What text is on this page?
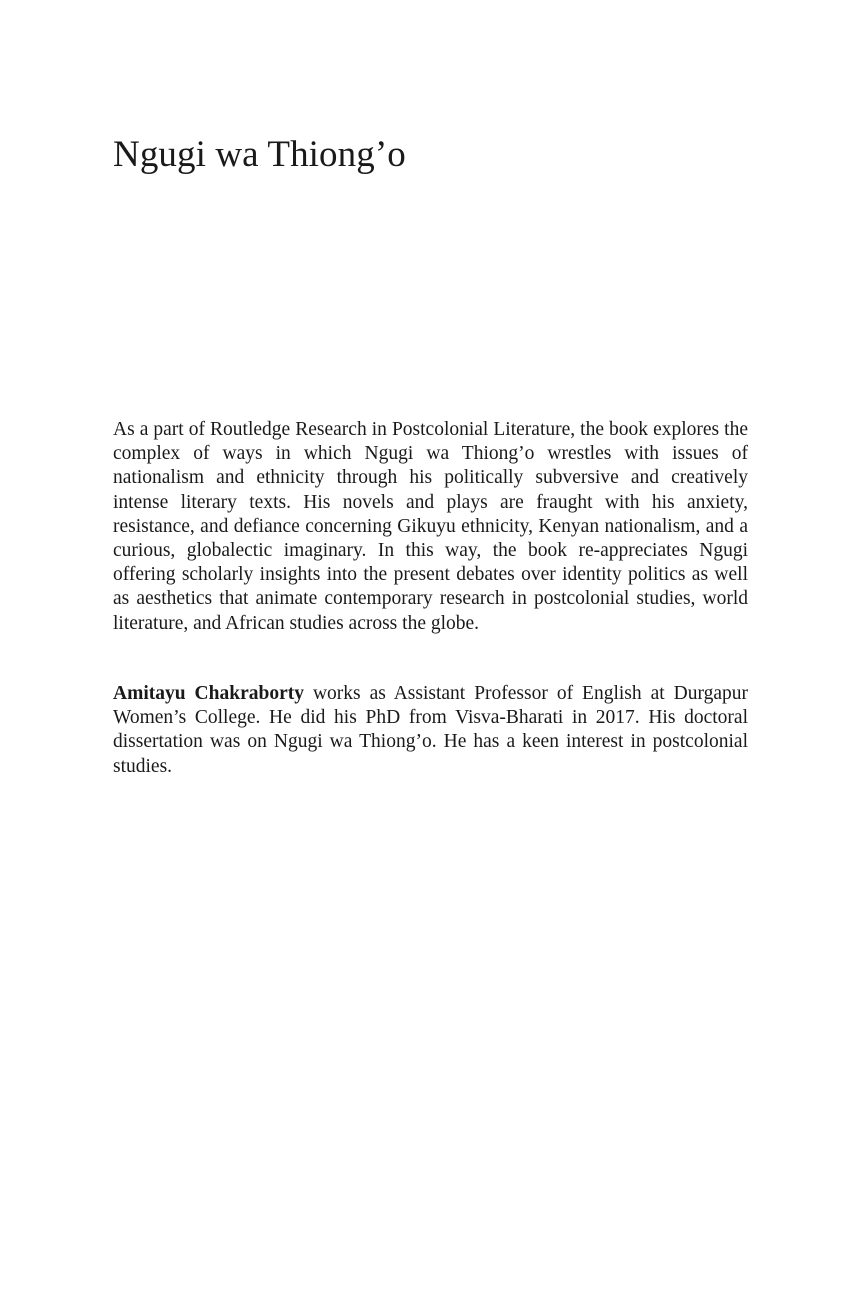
Ngugi wa Thiong’o

As a part of Routledge Research in Postcolonial Literature, the book explores the complex of ways in which Ngugi wa Thiong’o wrestles with issues of nationalism and ethnicity through his politically subversive and creatively intense literary texts. His novels and plays are fraught with his anxiety, resistance, and defiance concerning Gikuyu ethnicity, Kenyan nationalism, and a curious, globalectic imaginary. In this way, the book re-appreciates Ngugi offering scholarly insights into the present debates over identity politics as well as aesthetics that animate contemporary research in postcolonial studies, world literature, and African studies across the globe.

Amitayu Chakraborty works as Assistant Professor of English at Durgapur Women’s College. He did his PhD from Visva-Bharati in 2017. His doctoral dissertation was on Ngugi wa Thiong’o. He has a keen interest in postcolonial studies.
